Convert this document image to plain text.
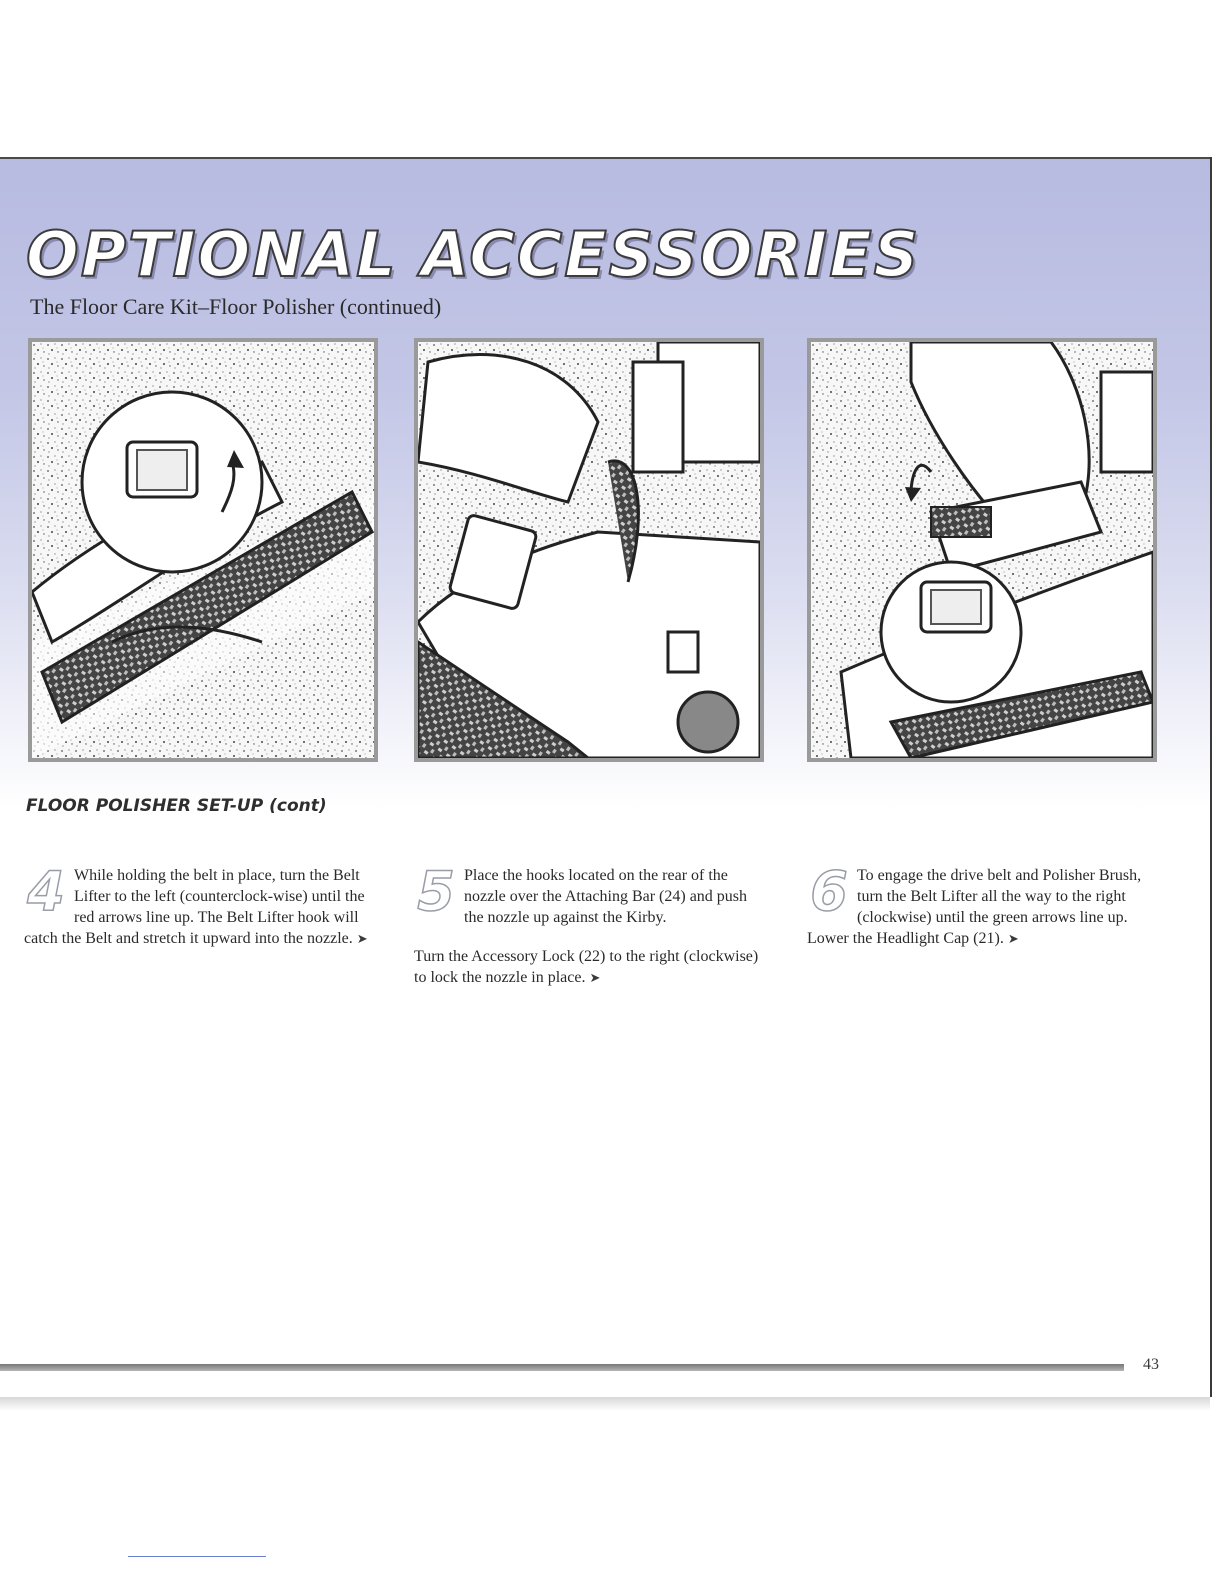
OPTIONAL ACCESSORIES

The Floor Care Kit–Floor Polisher (continued)

FLOOR POLISHER SET-UP (cont)
4 While holding the belt in place, turn the Belt Lifter to the left (counterclock-wise) until the red arrows line up. The Belt Lifter hook will catch the Belt and stretch it upward into the nozzle. ➤

5 Place the hooks located on the rear of the nozzle over the Attaching Bar (24) and push the nozzle up against the Kirby.

Turn the Accessory Lock (22) to the right (clockwise) to lock the nozzle in place. ➤

6 To engage the drive belt and Polisher Brush, turn the Belt Lifter all the way to the right (clockwise) until the green arrows line up. Lower the Headlight Cap (21). ➤

43
